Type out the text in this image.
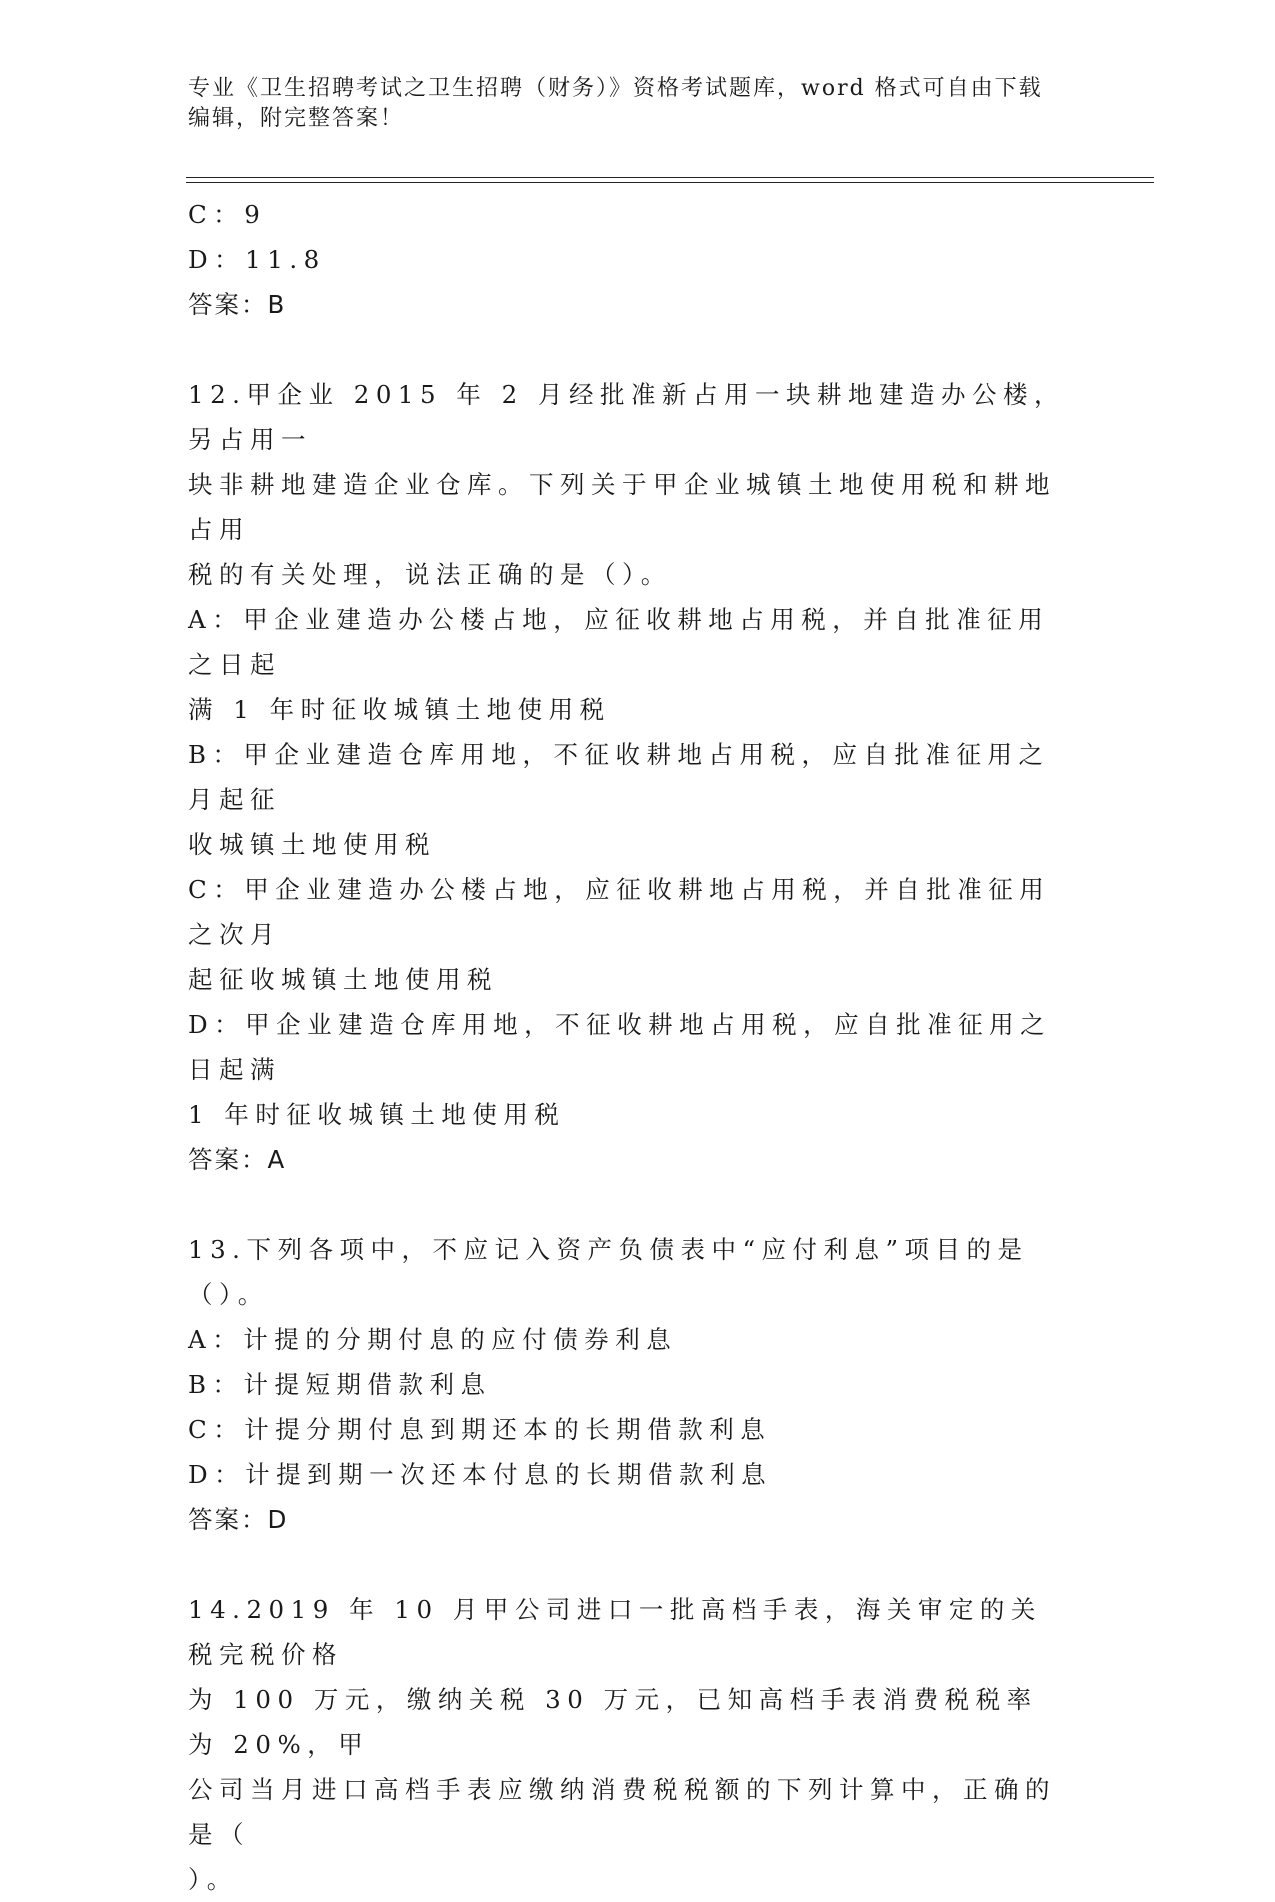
专业《卫生招聘考试之卫生招聘（财务）》资格考试题库，word 格式可自由下载
编辑，附完整答案！
C：9
D：11.8
答案：B
12.甲企业 2015 年 2 月经批准新占用一块耕地建造办公楼，另占用一
块非耕地建造企业仓库。下列关于甲企业城镇土地使用税和耕地占用
税的有关处理，说法正确的是（）。
A：甲企业建造办公楼占地，应征收耕地占用税，并自批准征用之日起
满 1 年时征收城镇土地使用税
B：甲企业建造仓库用地，不征收耕地占用税，应自批准征用之月起征
收城镇土地使用税
C：甲企业建造办公楼占地，应征收耕地占用税，并自批准征用之次月
起征收城镇土地使用税
D：甲企业建造仓库用地，不征收耕地占用税，应自批准征用之日起满
1 年时征收城镇土地使用税
答案：A
13.下列各项中，不应记入资产负债表中“应付利息”项目的是（）。
A：计提的分期付息的应付债券利息
B：计提短期借款利息
C：计提分期付息到期还本的长期借款利息
D：计提到期一次还本付息的长期借款利息
答案：D
14.2019 年 10 月甲公司进口一批高档手表，海关审定的关税完税价格
为 100 万元，缴纳关税 30 万元，已知高档手表消费税税率为 20%，甲
公司当月进口高档手表应缴纳消费税税额的下列计算中，正确的是（
）。
